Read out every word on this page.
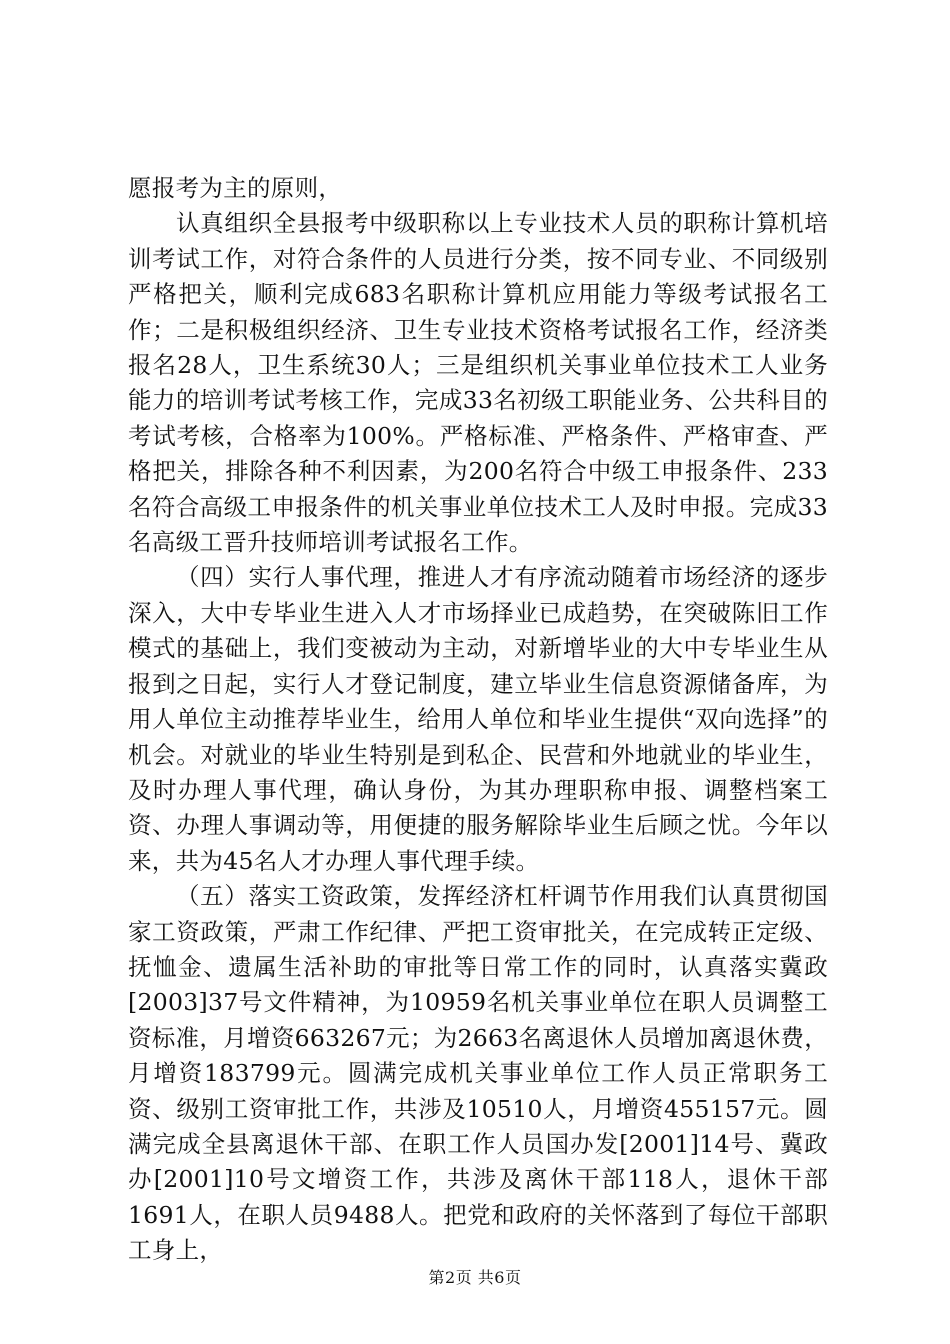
愿报考为主的原则，

认真组织全县报考中级职称以上专业技术人员的职称计算机培训考试工作，对符合条件的人员进行分类，按不同专业、不同级别严格把关，顺利完成683名职称计算机应用能力等级考试报名工作；二是积极组织经济、卫生专业技术资格考试报名工作，经济类报名28人，卫生系统30人；三是组织机关事业单位技术工人业务能力的培训考试考核工作，完成33名初级工职能业务、公共科目的考试考核，合格率为100%。严格标准、严格条件、严格审查、严格把关，排除各种不利因素，为200名符合中级工申报条件、233名符合高级工申报条件的机关事业单位技术工人及时申报。完成33名高级工晋升技师培训考试报名工作。

（四）实行人事代理，推进人才有序流动随着市场经济的逐步深入，大中专毕业生进入人才市场择业已成趋势，在突破陈旧工作模式的基础上，我们变被动为主动，对新增毕业的大中专毕业生从报到之日起，实行人才登记制度，建立毕业生信息资源储备库，为用人单位主动推荐毕业生，给用人单位和毕业生提供“双向选择”的机会。对就业的毕业生特别是到私企、民营和外地就业的毕业生，及时办理人事代理，确认身份，为其办理职称申报、调整档案工资、办理人事调动等，用便捷的服务解除毕业生后顾之忧。今年以来，共为45名人才办理人事代理手续。

（五）落实工资政策，发挥经济杠杆调节作用我们认真贯彻国家工资政策，严肃工作纪律、严把工资审批关，在完成转正定级、抚恤金、遗属生活补助的审批等日常工作的同时，认真落实冀政[2003]37号文件精神，为10959名机关事业单位在职人员调整工资标准，月增资663267元；为2663名离退休人员增加离退休费，月增资183799元。圆满完成机关事业单位工作人员正常职务工资、级别工资审批工作，共涉及10510人，月增资455157元。圆满完成全县离退休干部、在职工作人员国办发[2001]14号、冀政办[2001]10号文增资工作，共涉及离休干部118人，退休干部1691人，在职人员9488人。把党和政府的关怀落到了每位干部职工身上，

第2页 共6页
